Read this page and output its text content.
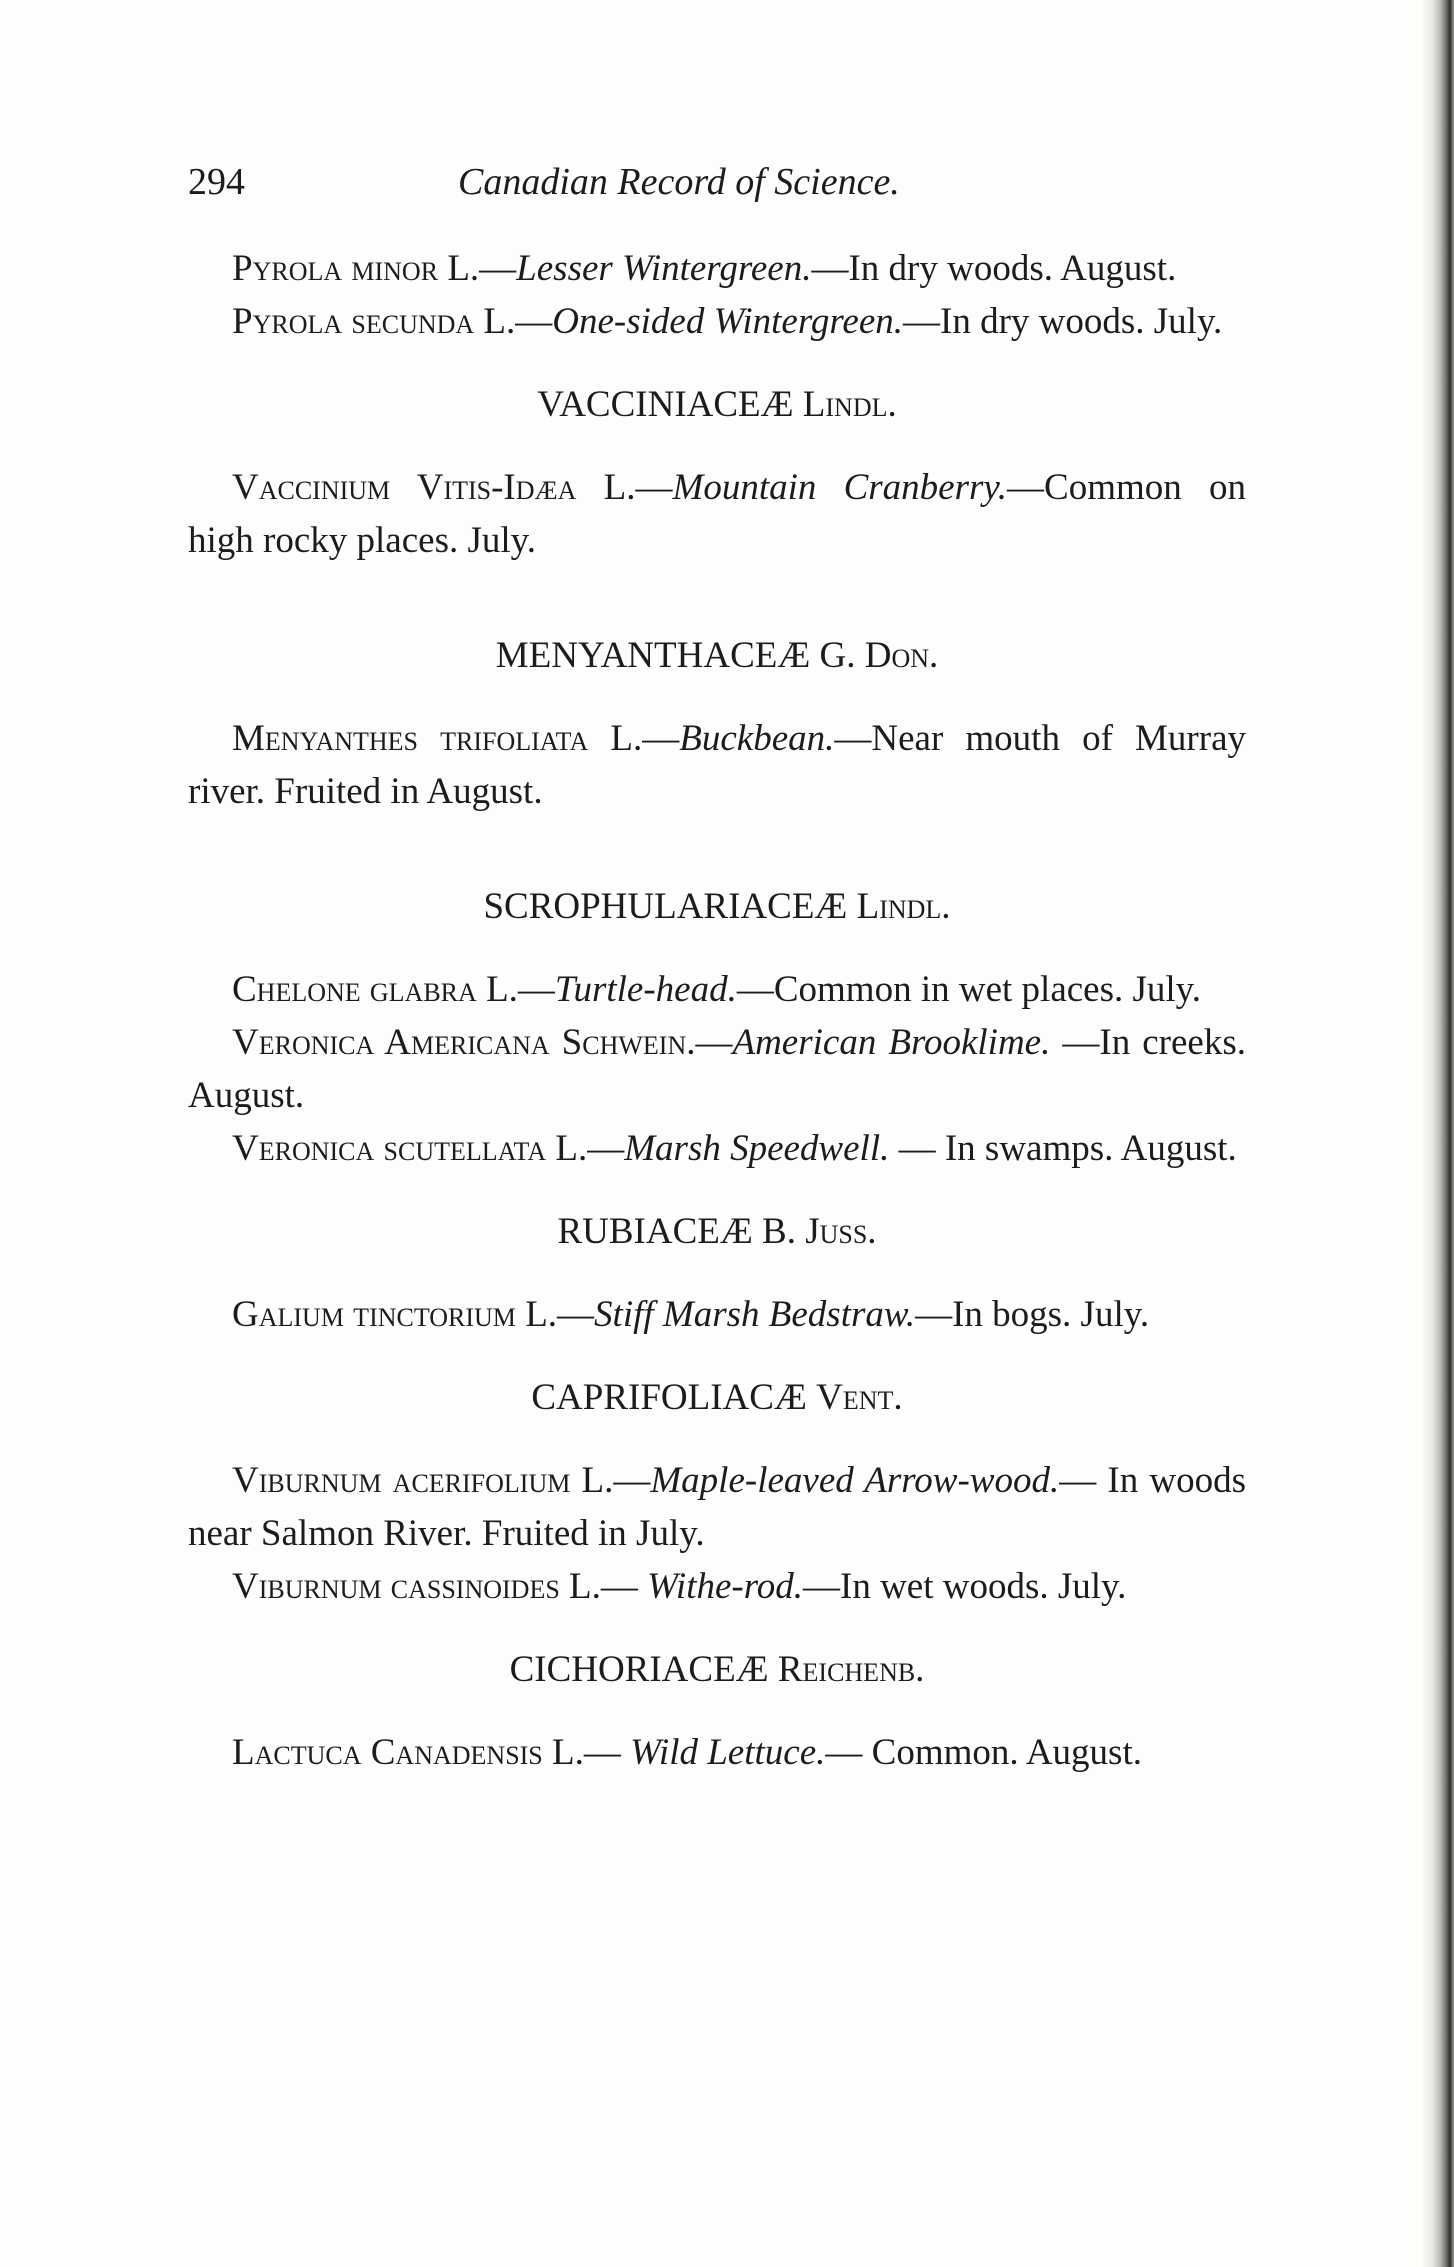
294	Canadian Record of Science.

Pyrola minor L.—Lesser Wintergreen.—In dry woods. August.

Pyrola secunda L.—One-sided Wintergreen.—In dry woods. July.

VACCINIACEÆ Lindl.

Vaccinium Vitis-Idæa L.—Mountain Cranberry.—Common on high rocky places. July.

MENYANTHACEÆ G. Don.

Menyanthes trifoliata L.—Buckbean.—Near mouth of Murray river. Fruited in August.

SCROPHULARIACEÆ Lindl.

Chelone glabra L.—Turtle-head.—Common in wet places. July.

Veronica Americana Schwein.—American Brooklime. —In creeks. August.

Veronica scutellata L.—Marsh Speedwell. — In swamps. August.

RUBIACEÆ B. Juss.

Galium tinctorium L.—Stiff Marsh Bedstraw.—In bogs. July.

CAPRIFOLIACÆ Vent.

Viburnum acerifolium L.—Maple-leaved Arrow-wood.— In woods near Salmon River. Fruited in July.

Viburnum cassinoides L.— Withe-rod.—In wet woods. July.

CICHORIACEÆ Reichenb.

Lactuca Canadensis L.— Wild Lettuce.— Common. August.
